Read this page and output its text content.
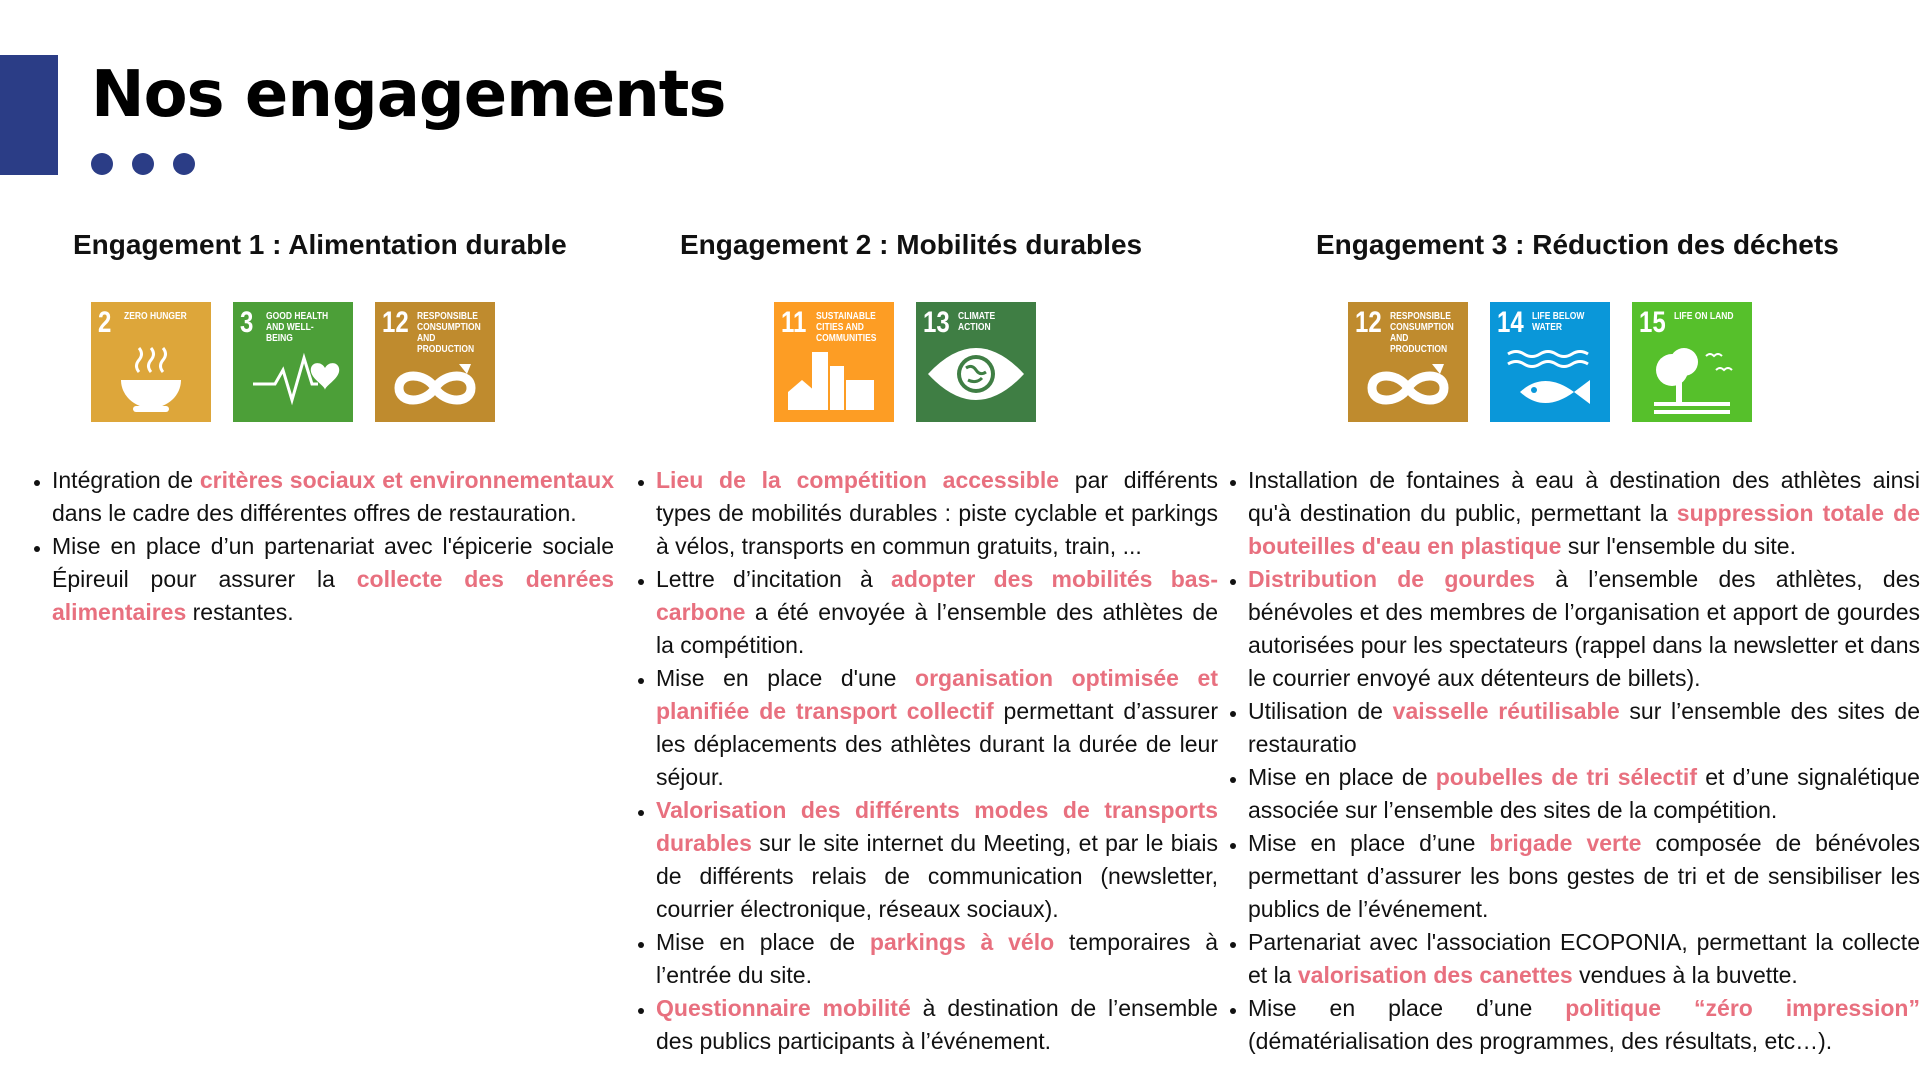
Nos engagements
Engagement 1 : Alimentation durable
2 ZERO HUNGER 3 GOOD HEALTH AND WELL-BEING	12 RESPONSIBLE CONSUMPTION AND PRODUCTION
• Intégration de critères sociaux et environnementaux dans le cadre des différentes offres de restauration.
• Mise en place d’un partenariat avec l'épicerie sociale Épireuil pour assurer la collecte des denrées alimentaires restantes.
Engagement 2 : Mobilités durables
11 SUSTAINABLE CITIES AND COMMUNITIES	13 CLIMATE ACTION
• Lieu de la compétition accessible par différents types de mobilités durables : piste cyclable et parkings à vélos, transports en commun gratuits, train, ...
• Lettre d’incitation à adopter des mobilités bas-carbone a été envoyée à l’ensemble des athlètes de la compétition.
• Mise en place d'une organisation optimisée et planifiée de transport collectif permettant d’assurer les déplacements des athlètes durant la durée de leur séjour.
• Valorisation des différents modes de transports durables sur le site internet du Meeting, et par le biais de différents relais de communication (newsletter, courrier électronique, réseaux sociaux).
• Mise en place de parkings à vélo temporaires à l’entrée du site.
• Questionnaire mobilité à destination de l’ensemble des publics participants à l’événement.
Engagement 3 : Réduction des déchets
12 RESPONSIBLE CONSUMPTION AND PRODUCTION
14 LIFE BELOW WATER	15 LIFE ON LAND
• Installation de fontaines à eau à destination des athlètes ainsi qu'à destination du public, permettant la suppression totale de bouteilles d'eau en plastique sur l'ensemble du site.
• Distribution de gourdes à l’ensemble des athlètes, des bénévoles et des membres de l’organisation et apport de gourdes autorisées pour les spectateurs (rappel dans la newsletter et dans le courrier envoyé aux détenteurs de billets).
• Utilisation de vaisselle réutilisable sur l’ensemble des sites de restauratio
• Mise en place de poubelles de tri sélectif et d’une signalétique associée sur l’ensemble des sites de la compétition.
• Mise en place d’une brigade verte composée de bénévoles permettant d’assurer les bons gestes de tri et de sensibiliser les publics de l’événement.
• Partenariat avec l'association ECOPONIA, permettant la collecte et la valorisation des canettes vendues à la buvette.
• Mise en place d’une politique “zéro impression” (dématérialisation des programmes, des résultats, etc…).
